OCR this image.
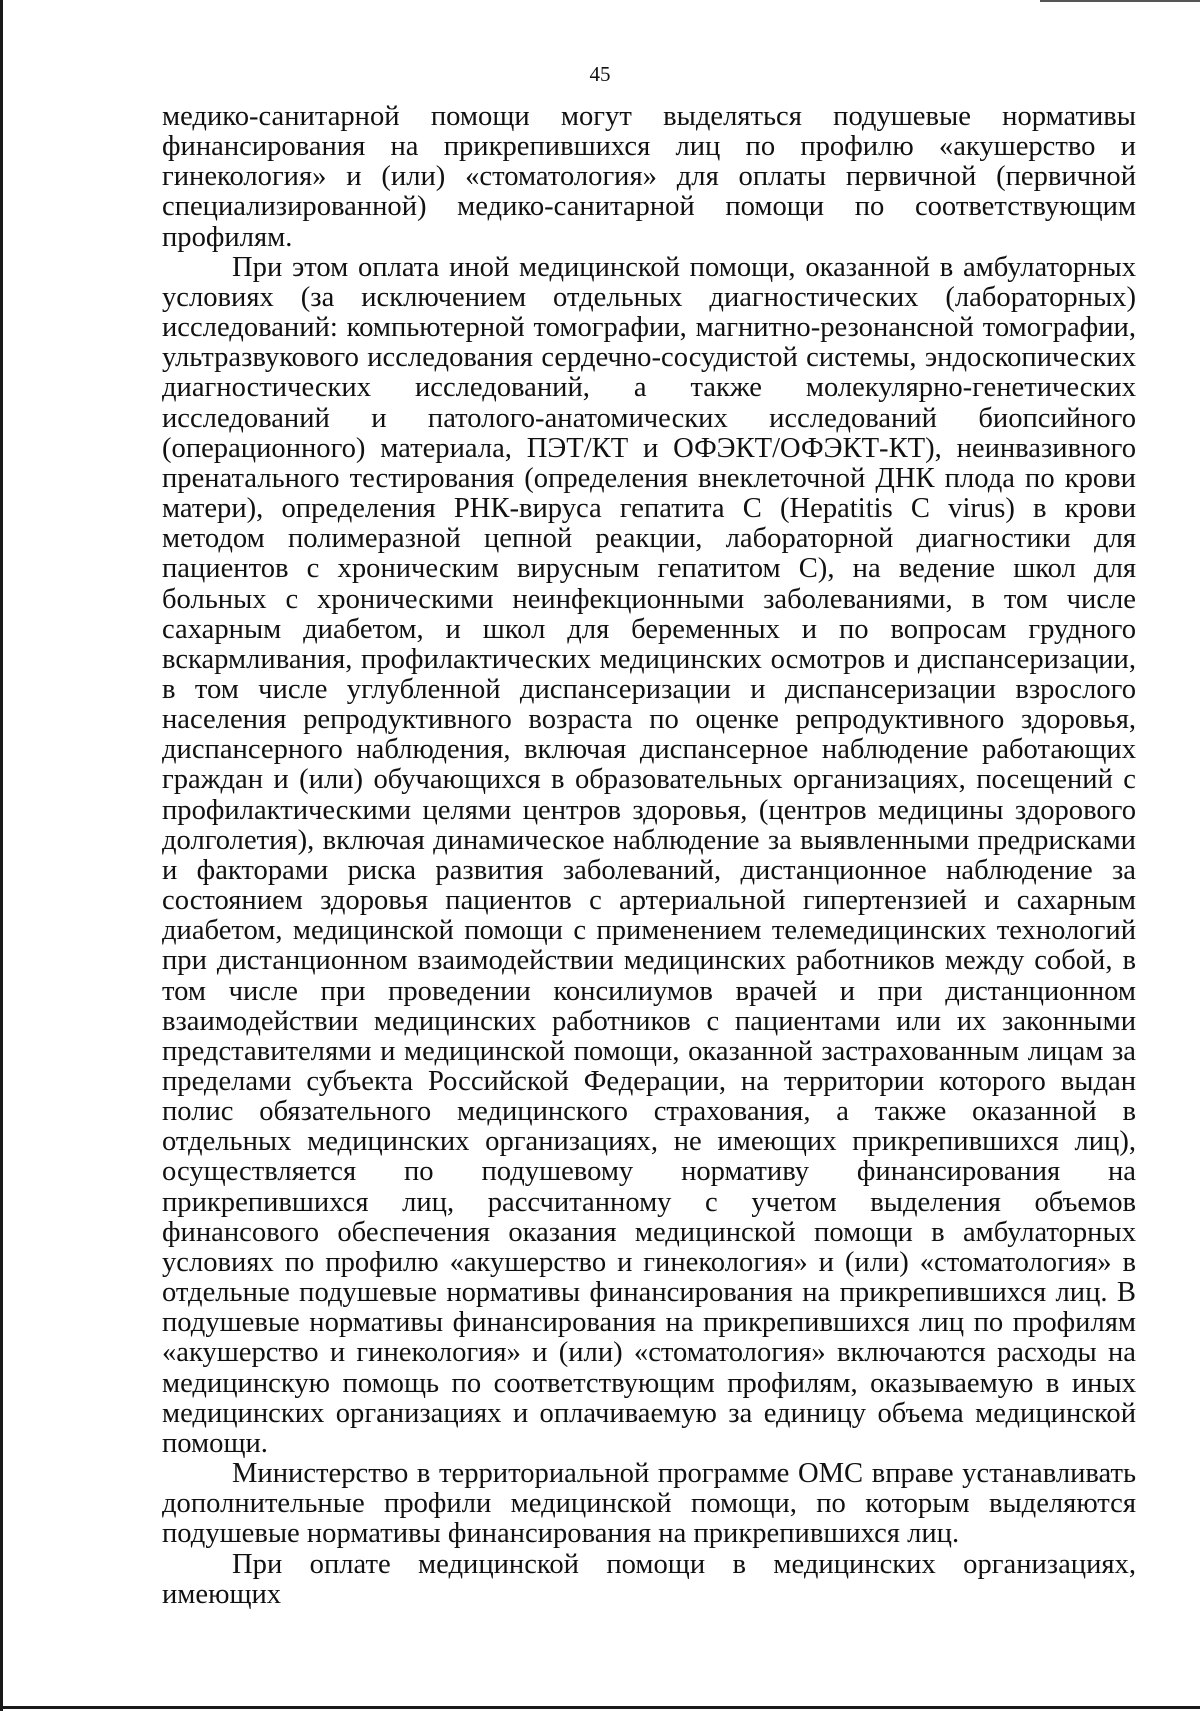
45

медико-санитарной помощи могут выделяться подушевые нормативы финансирования на прикрепившихся лиц по профилю «акушерство и гинекология» и (или) «стоматология» для оплаты первичной (первичной специализированной) медико-санитарной помощи по соответствующим профилям.

При этом оплата иной медицинской помощи, оказанной в амбулаторных условиях (за исключением отдельных диагностических (лабораторных) исследований: компьютерной томографии, магнитно-резонансной томографии, ультразвукового исследования сердечно-сосудистой системы, эндоскопических диагностических исследований, а также молекулярно-генетических исследований и патолого-анатомических исследований биопсийного (операционного) материала, ПЭТ/КТ и ОФЭКТ/ОФЭКТ-КТ), неинвазивного пренатального тестирования (определения внеклеточной ДНК плода по крови матери), определения РНК-вируса гепатита С (Hepatitis C virus) в крови методом полимеразной цепной реакции, лабораторной диагностики для пациентов с хроническим вирусным гепатитом С), на ведение школ для больных с хроническими неинфекционными заболеваниями, в том числе сахарным диабетом, и школ для беременных и по вопросам грудного вскармливания, профилактических медицинских осмотров и диспансеризации, в том числе углубленной диспансеризации и диспансеризации взрослого населения репродуктивного возраста по оценке репродуктивного здоровья, диспансерного наблюдения, включая диспансерное наблюдение работающих граждан и (или) обучающихся в образовательных организациях, посещений с профилактическими целями центров здоровья, (центров медицины здорового долголетия), включая динамическое наблюдение за выявленными предрисками и факторами риска развития заболеваний, дистанционное наблюдение за состоянием здоровья пациентов с артериальной гипертензией и сахарным диабетом, медицинской помощи с применением телемедицинских технологий при дистанционном взаимодействии медицинских работников между собой, в том числе при проведении консилиумов врачей и при дистанционном взаимодействии медицинских работников с пациентами или их законными представителями и медицинской помощи, оказанной застрахованным лицам за пределами субъекта Российской Федерации, на территории которого выдан полис обязательного медицинского страхования, а также оказанной в отдельных медицинских организациях, не имеющих прикрепившихся лиц), осуществляется по подушевому нормативу финансирования на прикрепившихся лиц, рассчитанному с учетом выделения объемов финансового обеспечения оказания медицинской помощи в амбулаторных условиях по профилю «акушерство и гинекология» и (или) «стоматология» в отдельные подушевые нормативы финансирования на прикрепившихся лиц. В подушевые нормативы финансирования на прикрепившихся лиц по профилям «акушерство и гинекология» и (или) «стоматология» включаются расходы на медицинскую помощь по соответствующим профилям, оказываемую в иных медицинских организациях и оплачиваемую за единицу объема медицинской помощи.

Министерство в территориальной программе ОМС вправе устанавливать дополнительные профили медицинской помощи, по которым выделяются подушевые нормативы финансирования на прикрепившихся лиц.

При оплате медицинской помощи в медицинских организациях, имеющих
